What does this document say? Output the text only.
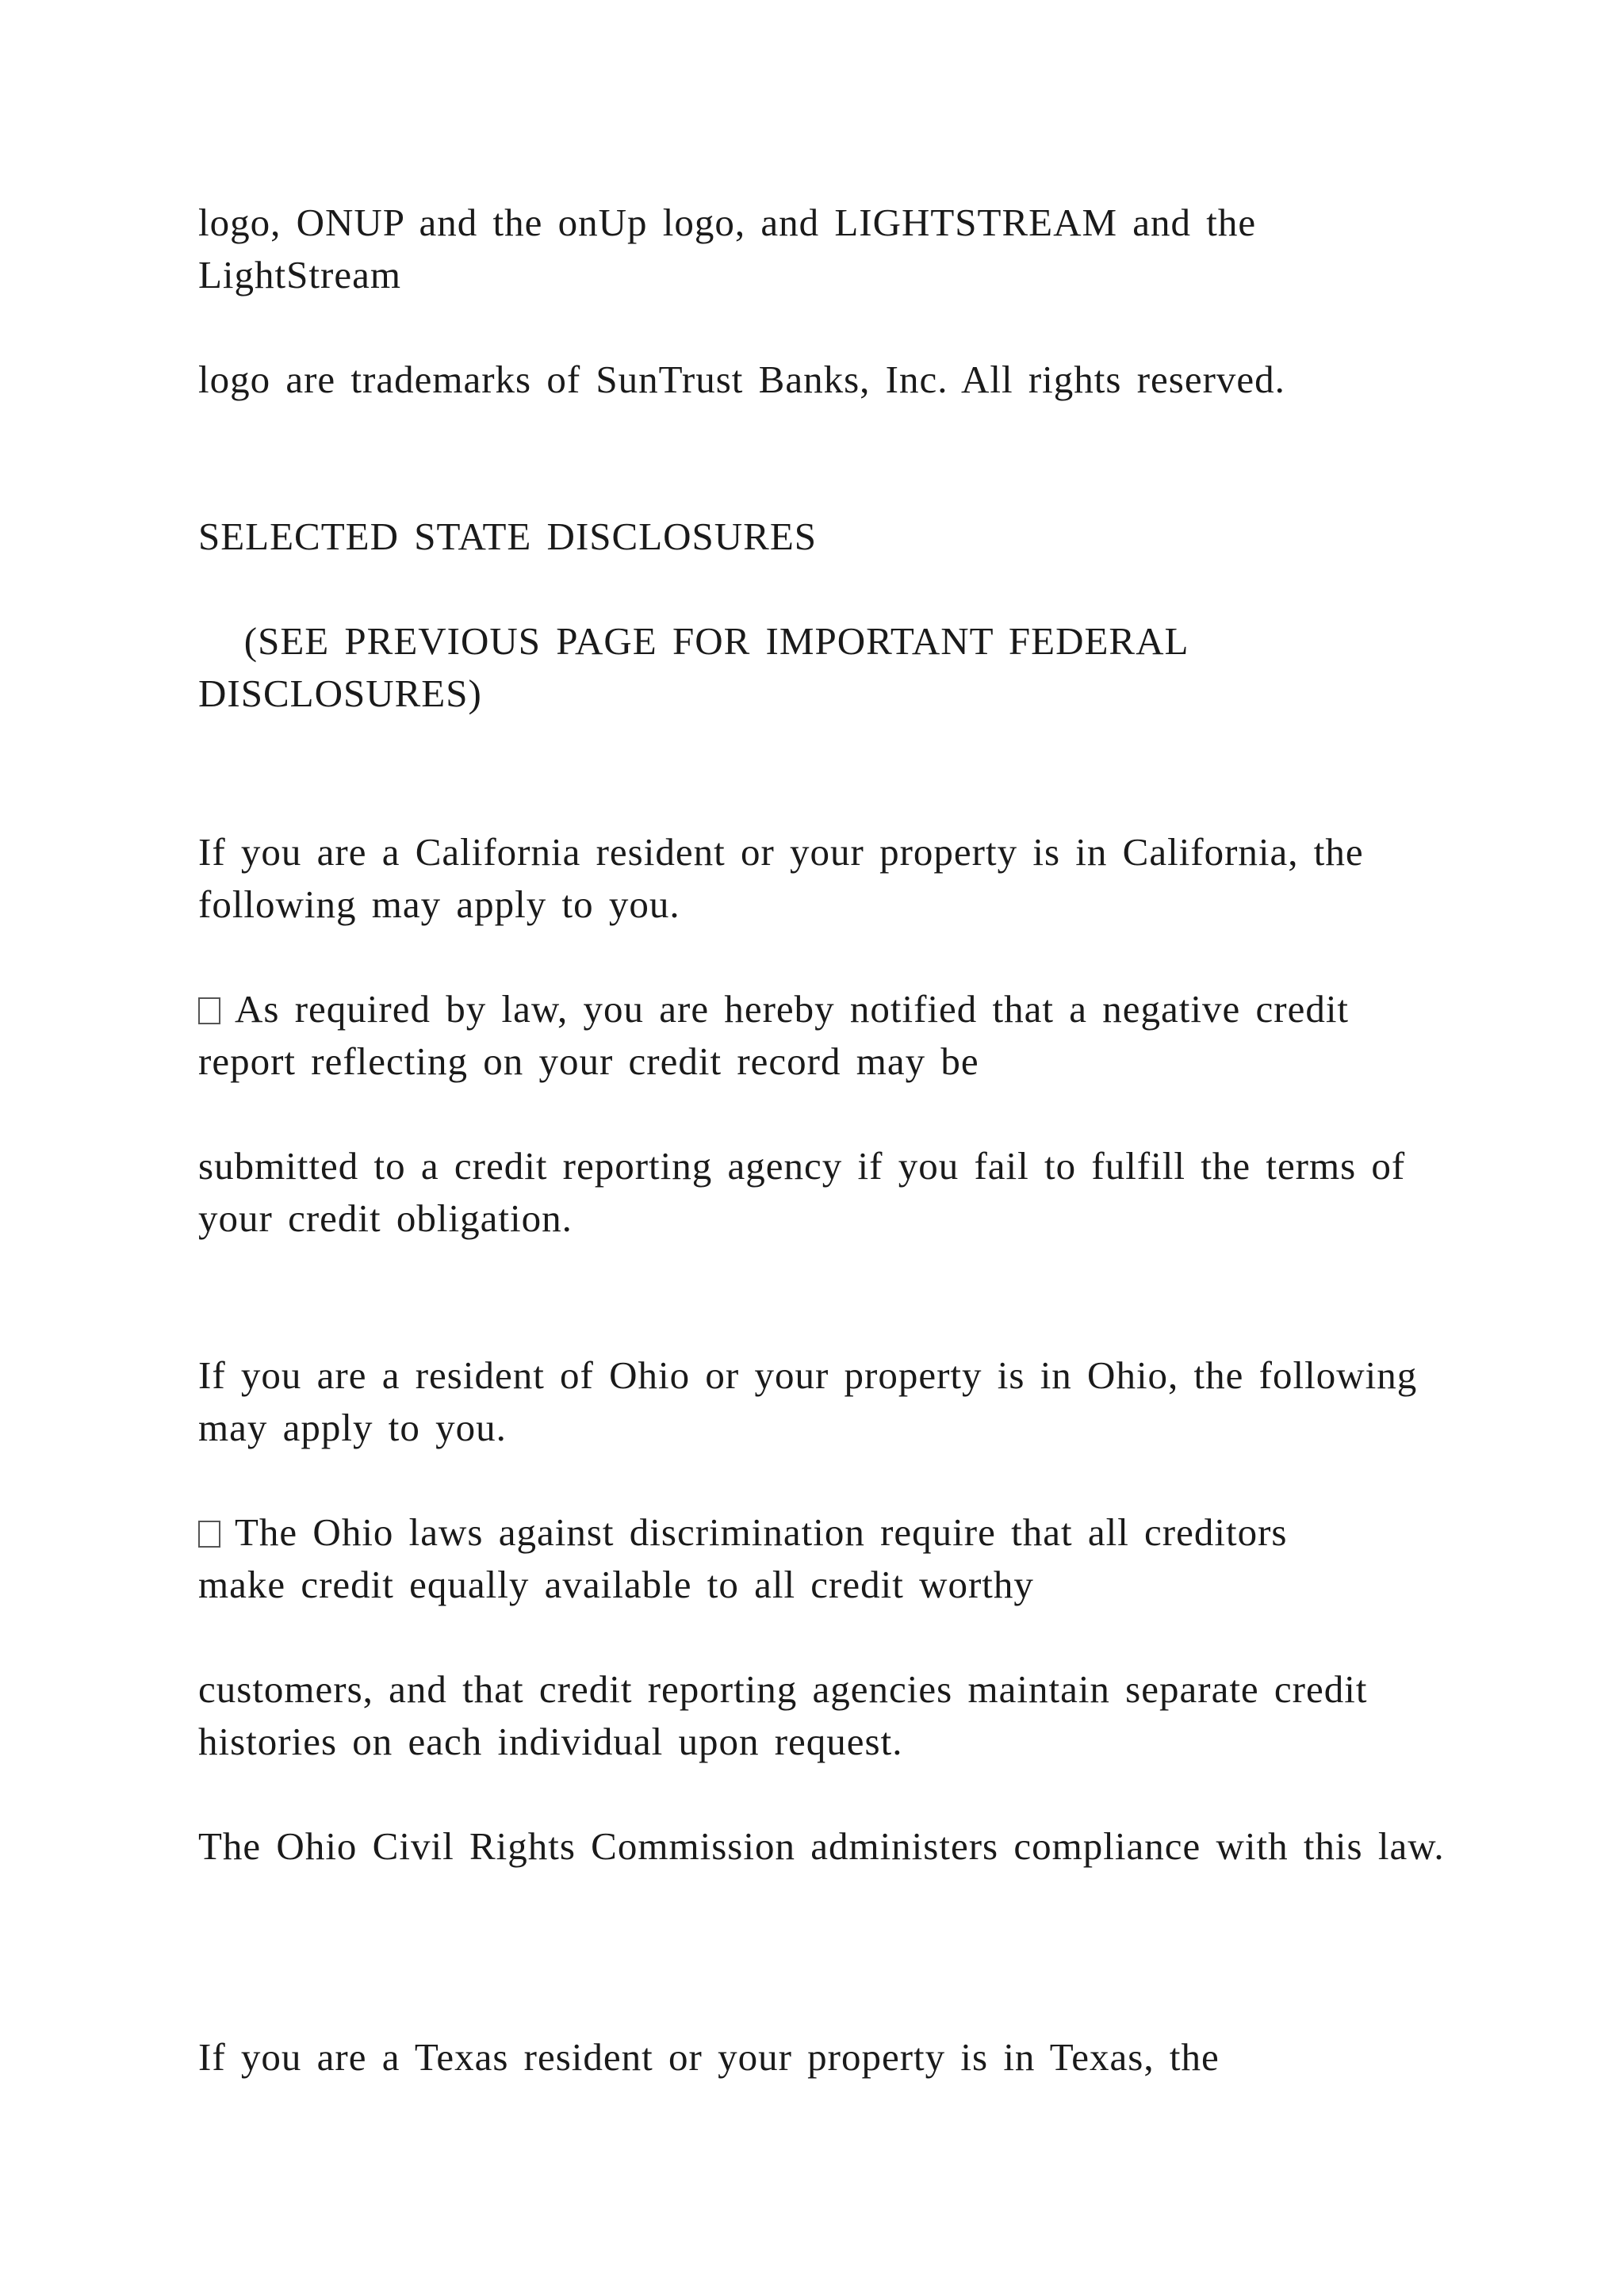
logo, ONUP and the onUp logo, and LIGHTSTREAM and the LightStream

logo are trademarks of SunTrust Banks, Inc. All rights reserved.

SELECTED STATE DISCLOSURES

(SEE PREVIOUS PAGE FOR IMPORTANT FEDERAL DISCLOSURES)

If you are a California resident or your property is in California, the following may apply to you.

As required by law, you are hereby notified that a negative credit report reflecting on your credit record may be

submitted to a credit reporting agency if you fail to fulfill the terms of your credit obligation.

If you are a resident of Ohio or your property is in Ohio, the following may apply to you.

The Ohio laws against discrimination require that all creditors make credit equally available to all credit worthy

customers, and that credit reporting agencies maintain separate credit histories on each individual upon request.

The Ohio Civil Rights Commission administers compliance with this law.

If you are a Texas resident or your property is in Texas, the
